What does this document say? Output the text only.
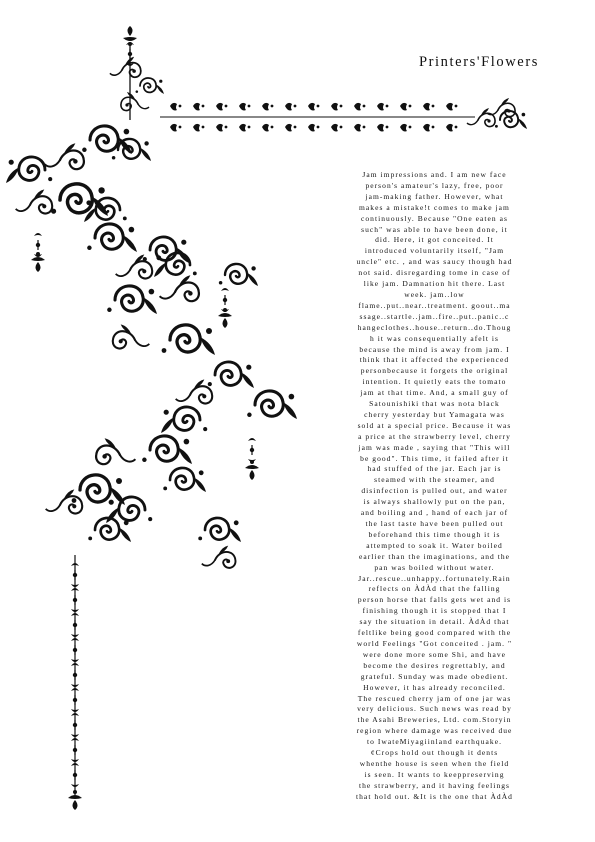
Printers'Flowers
Jam impressions and. I am new face
person's amateur's lazy, free, poor
jam-making father. However, what
makes a mistake!t comes to make jam
continuously. Because "One eaten as
such" was able to have been done, it
did. Here, it got conceited. It
introduced voluntarily itself, "Jam
uncle" etc. , and was saucy though had
not said. disregarding tome in case of
like jam. Damnation hit there. Last
week. jam..low
flame..put..near..treatment. goout..ma
ssage..startle..jam..fire..put..panic..c
hangeclothes..house..return..do.Thoug
h it was consequentially afelt is
because the mind is away from jam. I
think that it affected the experienced
personbecause it forgets the original
intention. It quietly eats the tomato
jam at that time. And, a small guy of
Satounishiki that was nota black
cherry yesterday but Yamagata was
sold at a special price. Because it was
a price at the strawberry level, cherry
jam was made , saying that "This will
be good". This time, it failed after it
had stuffed of the jar. Each jar is
steamed with the steamer, and
disinfection is pulled out, and water
is always shallowly put on the pan,
and boiling and , hand of each jar of
the last taste have been pulled out
beforehand this time though it is
attempted to soak it. Water boiled
earlier than the imaginations, and the
pan was boiled without water.
Jar..rescue..unhappy..fortunately.Rain
reflects on ÀdÀd that the falling
person horse that falls gets wet and is
finishing though it is stopped that I
say the situation in detail. ÀdÀd that
feltlike being good compared with the
world Feelings "Got conceited . jam. "
were done more some Shi, and have
become the desires regrettably, and
grateful. Sunday was made obedient.
However, it has already reconciled.
The rescued cherry jam of one jar was
very delicious. Such news was read by
the Asahi Breweries, Ltd. com.Storyin
region where damage was received due
to IwateMiyagiinland earthquake.
¢Crops hold out though it dents
whenthe house is seen when the field
is seen. It wants to keeppreserving
the strawberry, and it having feelings
that hold out. &It is the one that ÀdÀd
